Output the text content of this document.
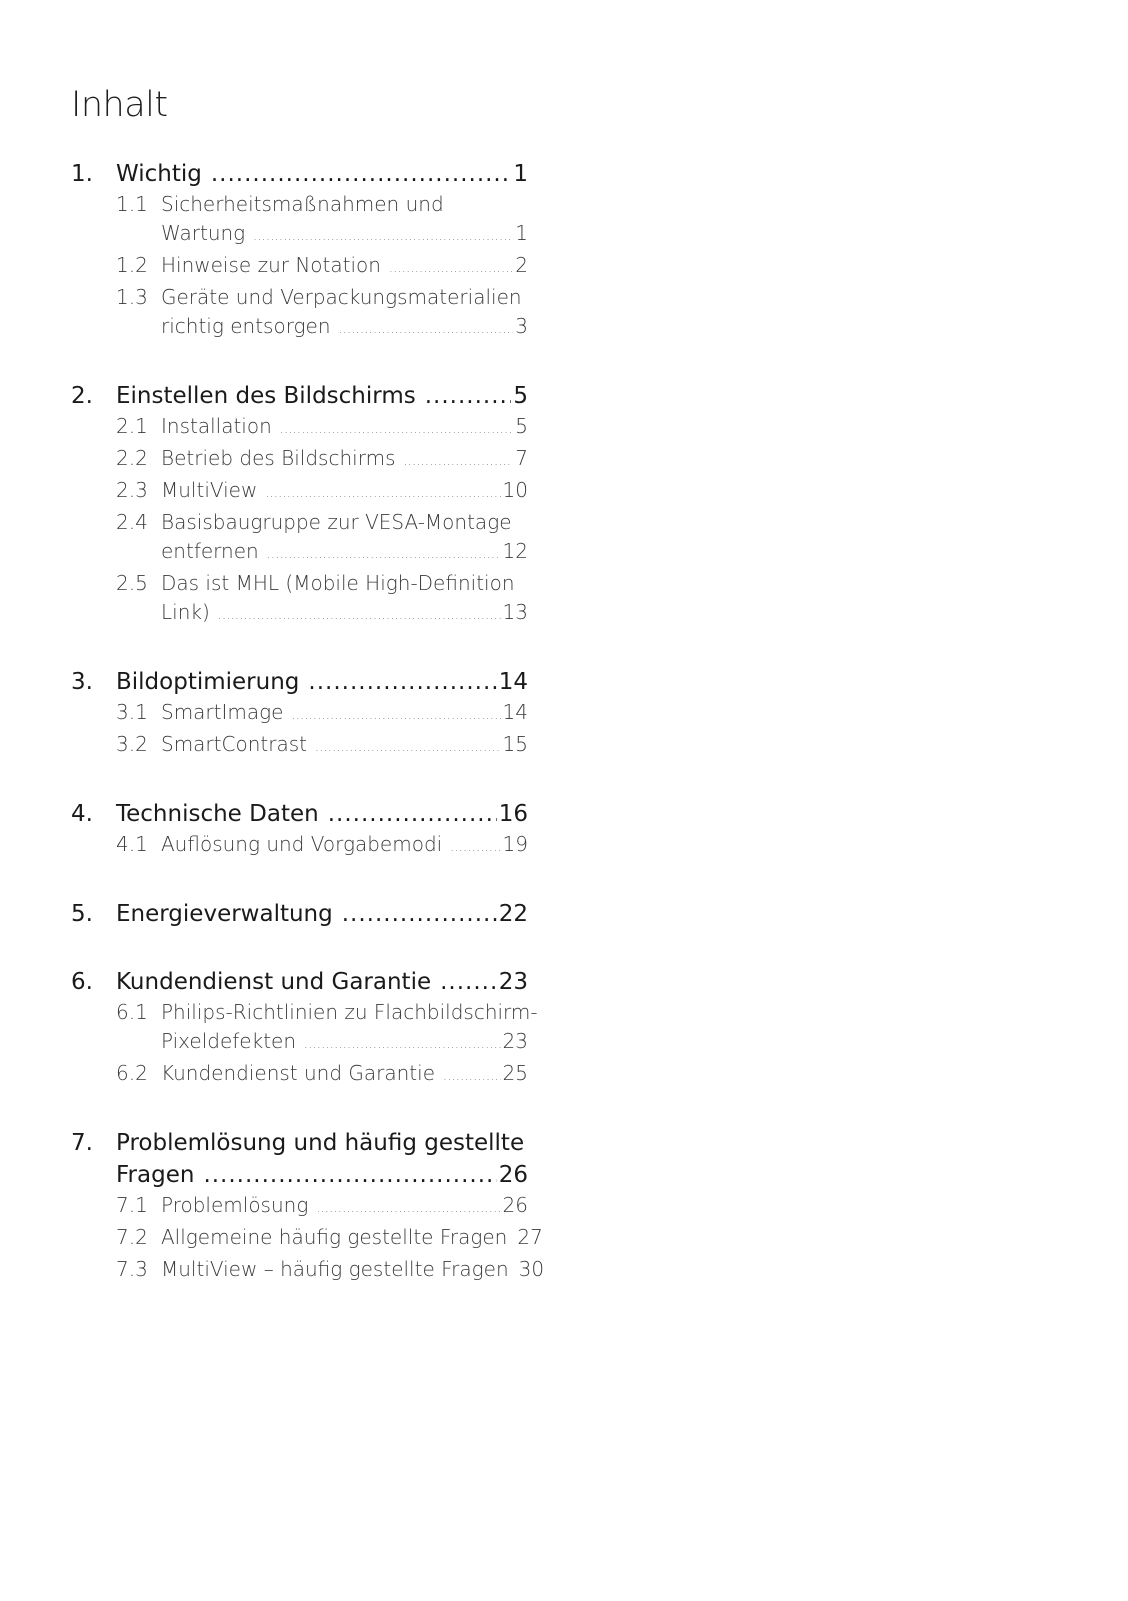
Inhalt
1.	Wichtig .....	1
1.1 Sicherheitsmaßnahmen und
Wartung .....	1
1.2 Hinweise zur Notation .....	2
1.3 Geräte und Verpackungsmaterialien
richtig entsorgen .....	3
2.	Einstellen des Bildschirms .....	5
2.1 Installation .....	5
2.2 Betrieb des Bildschirms .....	7
2.3 MultiView .....	10
2.4 Basisbaugruppe zur VESA-Montage
entfernen .....	12
2.5 Das ist MHL (Mobile High-Definition
Link) .....	13
3.	Bildoptimierung .....	14
3.1 SmartImage .....	14
3.2 SmartContrast .....	15
4.	Technische Daten .....	16
4.1 Auflösung und Vorgabemodi .....	19
5.	Energieverwaltung .....	22
6.	Kundendienst und Garantie .....	23
6.1 Philips-Richtlinien zu Flachbildschirm-
Pixeldefekten .....	23
6.2 Kundendienst und Garantie .....	25
7.	Problemlösung und häufig gestellte
Fragen .....	26
7.1 Problemlösung .....	26
7.2 Allgemeine häufig gestellte Fragen 27
7.3 MultiView – häufig gestellte Fragen 30
